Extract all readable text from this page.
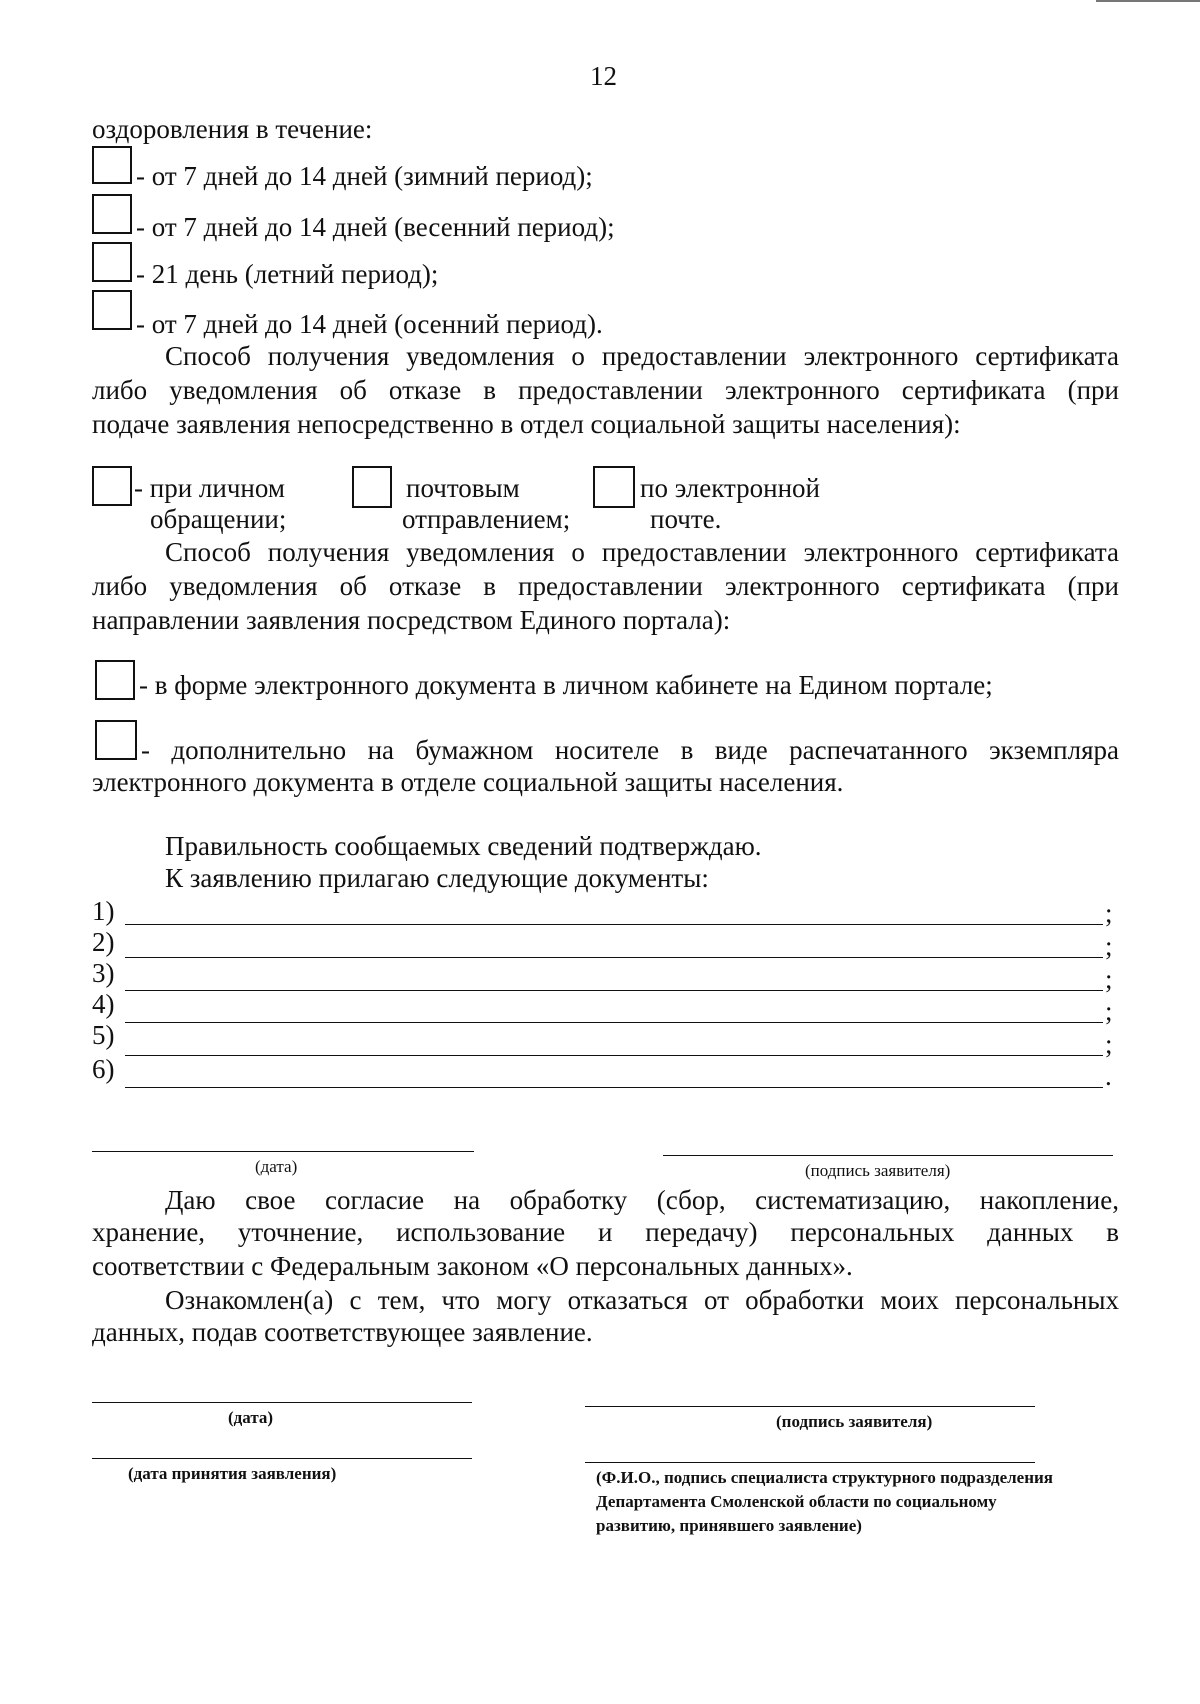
12
оздоровления в течение:
- от 7 дней до 14 дней (зимний период);
- от 7 дней до 14 дней (весенний период);
- 21 день (летний период);
- от 7 дней до 14 дней (осенний период).
Способ получения уведомления о предоставлении электронного сертификата
либо уведомления об отказе в предоставлении электронного сертификата (при
подаче заявления непосредственно в отдел социальной защиты населения):
- при личном
обращении;
почтовым
отправлением;
по электронной
почте.
Способ получения уведомления о предоставлении электронного сертификата
либо уведомления об отказе в предоставлении электронного сертификата (при
направлении заявления посредством Единого портала):
- в форме электронного документа в личном кабинете на Едином портале;
- дополнительно на бумажном носителе в виде распечатанного экземпляра
электронного документа в отделе социальной защиты населения.
Правильность сообщаемых сведений подтверждаю.
К заявлению прилагаю следующие документы:
1)	;
2)	;
3)	;
4)	;
5)	;
6)	.
(дата)	(подпись заявителя)
Даю свое согласие на обработку (сбор, систематизацию, накопление,
хранение, уточнение, использование и передачу) персональных данных в
соответствии с Федеральным законом «О персональных данных».
Ознакомлен(а) с тем, что могу отказаться от обработки моих персональных
данных, подав соответствующее заявление.
(дата)	(подпись заявителя)
(дата принятия заявления)	(Ф.И.О., подпись специалиста структурного подразделения
Департамента Смоленской области по социальному
развитию, принявшего заявление)
